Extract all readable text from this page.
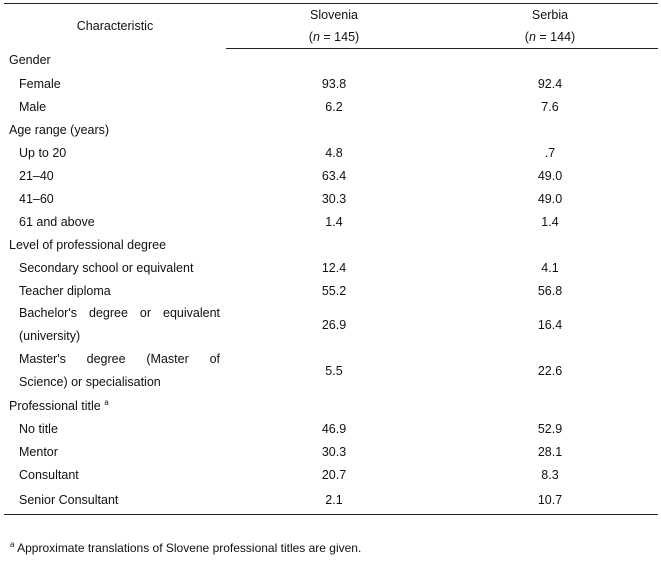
Characteristic	Slovenia	Serbia
	(n = 145)	(n = 144)
Gender		
Female	93.8	92.4
Male	6.2	7.6
Age range (years)		
Up to 20	4.8	.7
21–40	63.4	49.0
41–60	30.3	49.0
61 and above	1.4	1.4
Level of professional degree		
Secondary school or equivalent	12.4	4.1
Teacher diploma	55.2	56.8

Bachelor's degree or equivalent (university)	26.9	16.4

Master's degree (Master of Science) or specialisation	5.5	22.6
Professional title $^a$		
No title	46.9	52.9
Mentor	30.3	28.1
Consultant	20.7	8.3
Senior Consultant	2.1	10.7
$^a$ Approximate translations of Slovene professional titles are given.
